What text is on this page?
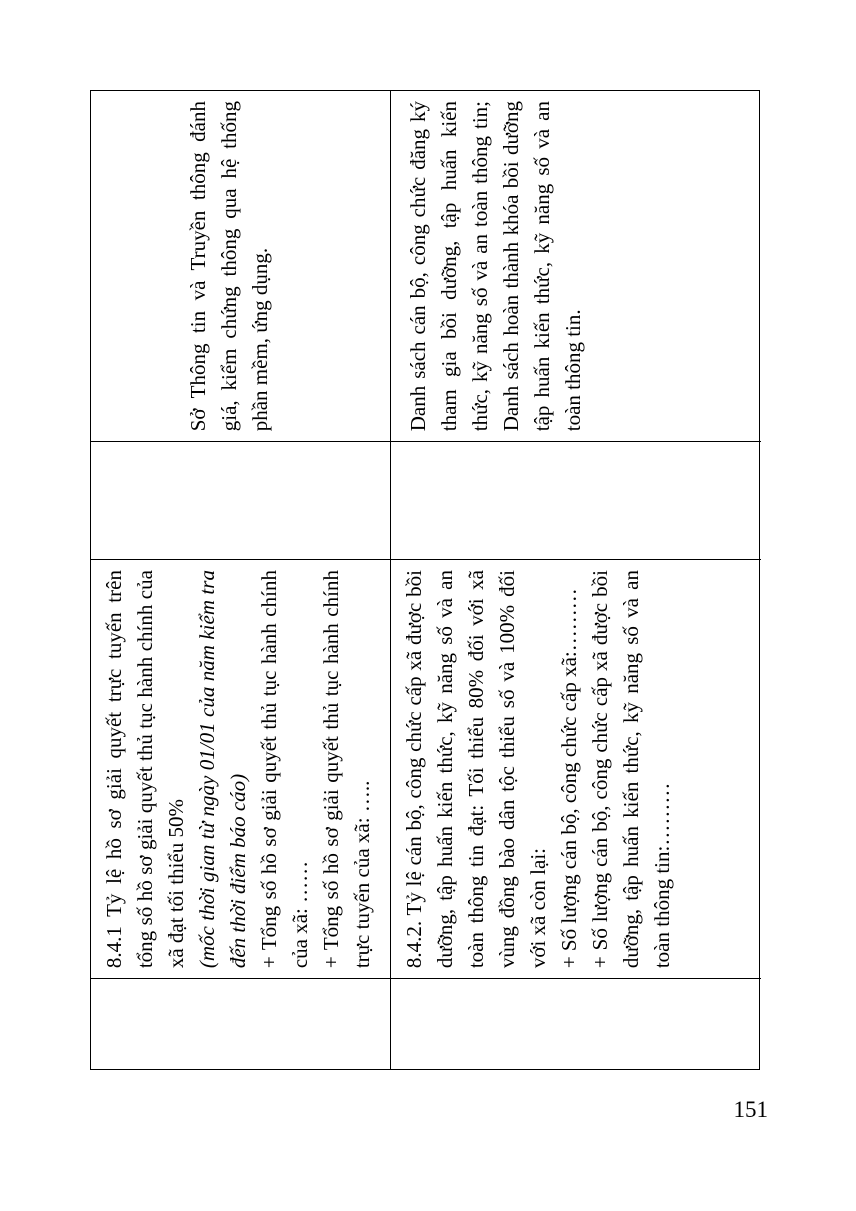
8.4.1 Tỷ lệ hồ sơ giải quyết trực tuyến trên tổng số hồ sơ giải quyết thủ tục hành chính của xã đạt tối thiểu 50% (mốc thời gian từ ngày 01/01 của năm kiểm tra đến thời điểm báo cáo) + Tổng số hồ sơ giải quyết thủ tục hành chính của xã: …… + Tổng số hồ sơ giải quyết thủ tục hành chính trực tuyến của xã: …..

Sở Thông tin và Truyền thông đánh giá, kiểm chứng thông qua hệ thống phần mềm, ứng dụng.

8.4.2. Tỷ lệ cán bộ, công chức cấp xã được bồi dưỡng, tập huấn kiến thức, kỹ năng số và an toàn thông tin đạt: Tối thiểu 80% đối với xã vùng đồng bào dân tộc thiểu số và 100% đối với xã còn lại: + Số lượng cán bộ, công chức cấp xã:……… + Số lượng cán bộ, công chức cấp xã được bồi dưỡng, tập huấn kiến thức, kỹ năng số và an toàn thông tin:………

Danh sách cán bộ, công chức đăng ký tham gia bồi dưỡng, tập huấn kiến thức, kỹ năng số và an toàn thông tin; Danh sách hoàn thành khóa bồi dưỡng tập huấn kiến thức, kỹ năng số và an toàn thông tin.

151
